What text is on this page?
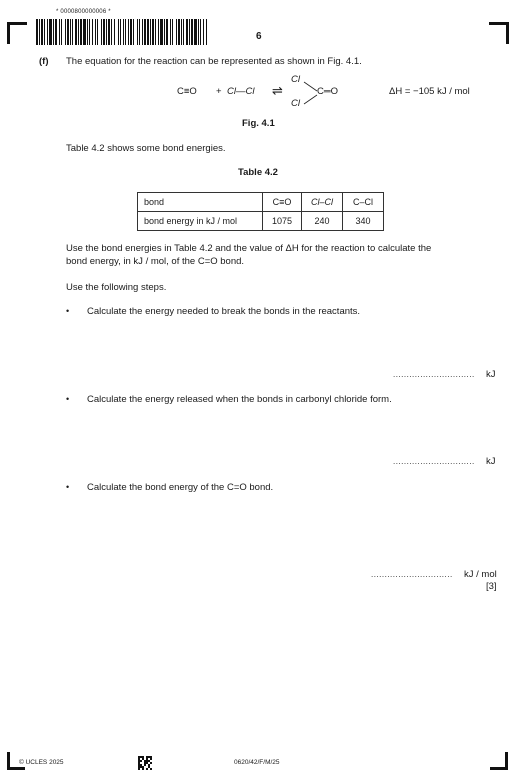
* 0000800000006 *
6
(f) The equation for the reaction can be represented as shown in Fig. 4.1.
C≡O + Cl—Cl ⇌
Cl
Cl
C═O	ΔH = −105 kJ / mol
Fig. 4.1
Table 4.2 shows some bond energies.
Table 4.2
bond	C≡O	Cl–Cl	C–Cl
bond energy in kJ / mol	1075	240	340
Use the bond energies in Table 4.2 and the value of ΔH for the reaction to calculate the
bond energy, in kJ / mol, of the C=O bond.
Use the following steps.
• Calculate the energy needed to break the bonds in the reactants.
.............................. kJ
• Calculate the energy released when the bonds in carbonyl chloride form.
.............................. kJ
• Calculate the bond energy of the C=O bond.
.............................. kJ / mol
[3]
© UCLES 2025	0620/42/F/M/25
